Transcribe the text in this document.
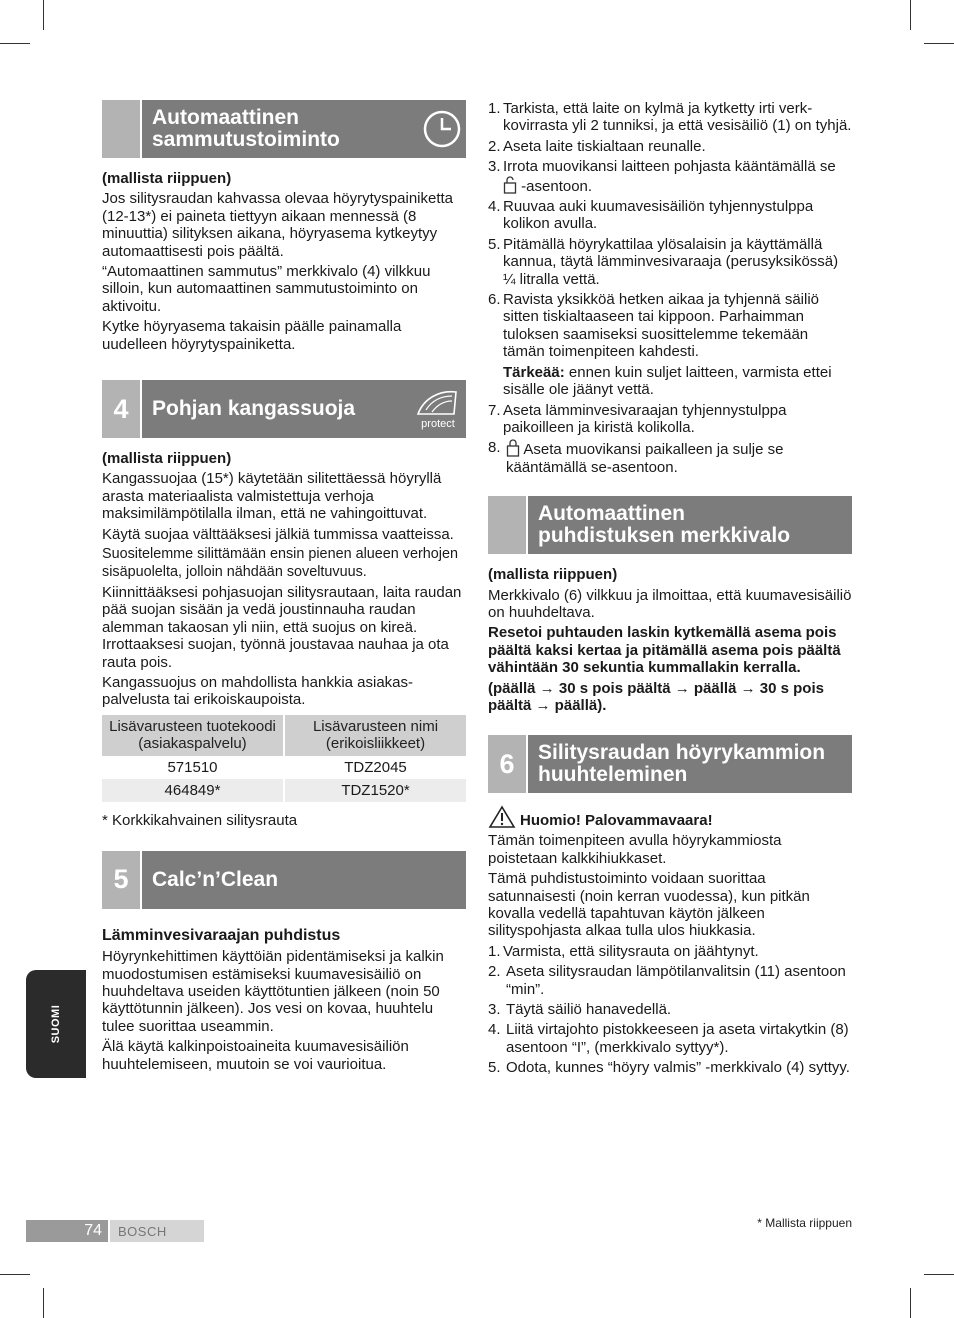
Automaattinen
sammutustoiminto

(mallista riippuen)

Jos silitysraudan kahvassa olevaa höyrytyspainiketta (12-13*) ei paineta tiettyyn aikaan mennessä (8 minuuttia) silityksen aikana, höyryasema kytkeytyy automaattisesti pois päältä.

“Automaattinen sammutus” merkkivalo (4) vilkkuu silloin, kun automaattinen sammutustoiminto on aktivoitu.

Kytke höyryasema takaisin päälle painamalla uudelleen höyrytyspainiketta.

4	Pohjan kangassuoja
protect

(mallista riippuen)

Kangassuojaa (15*) käytetään silitettäessä höyryllä arasta materiaalista valmistettuja verhoja maksimilämpötilalla ilman, että ne vahingoittuvat.

Käytä suojaa välttääksesi jälkiä tummissa vaatteissa.

Suositelemme silittämään ensin pienen alueen verhojen sisäpuolelta, jolloin nähdään soveltuvuus.

Kiinnittääksesi pohjasuojan silitysrautaan, laita raudan pää suojan sisään ja vedä joustinnauha raudan alemman takaosan yli niin, että suojus on kireä. Irrottaaksesi suojan, työnnä joustavaa nauhaa ja ota rauta pois.

Kangassuojus on mahdollista hankkia asiakas-palvelusta tai erikoiskaupoista.

Lisävarusteen tuotekoodi (asiakaspalvelu)	Lisävarusteen nimi (erikoisliikkeet)
571510	TDZ2045
464849*	TDZ1520*

* Korkkikahvainen silitysrauta

5	Calc’n’Clean

Lämminvesivaraajan puhdistus

Höyrynkehittimen käyttöiän pidentämiseksi ja kalkin muodostumisen estämiseksi kuumavesisäiliö on huuhdeltava useiden käyttötuntien jälkeen (noin 50 käyttötunnin jälkeen). Jos vesi on kovaa, huuhtelu tulee suorittaa useammin.

Älä käytä kalkinpoistoaineita kuumavesisäiliön huuhtelemiseen, muutoin se voi vaurioitua.

1. Tarkista, että laite on kylmä ja kytketty irti verk-kovirrasta yli 2 tunniksi, ja että vesisäiliö (1) on tyhjä.
2. Aseta laite tiskialtaan reunalle.
3. Irrota muovikansi laitteen pohjasta kääntämällä se  -asentoon.
4. Ruuvaa auki kuumavesisäiliön tyhjennystulppa kolikon avulla.
5. Pitämällä höyrykattilaa ylösalaisin ja käyttämällä kannua, täytä lämminvesivaraaja (perusyksikössä) ¼ litralla vettä.
6. Ravista yksikköä hetken aikaa ja tyhjennä säiliö sitten tiskialtaaseen tai kippoon. Parhaimman tuloksen saamiseksi suosittelemme tekemään tämän toimenpiteen kahdesti.
Tärkeää: ennen kuin suljet laitteen, varmista ettei sisälle ole jäänyt vettä.
7. Aseta lämminvesivaraajan tyhjennystulppa paikoilleen ja kiristä kolikolla.
8. Aseta muovikansi paikalleen ja sulje se kääntämällä se-asentoon.
Automaattinen
puhdistuksen merkkivalo

(mallista riippuen)

Merkkivalo (6) vilkkuu ja ilmoittaa, että kuumavesisäiliö on huuhdeltava.

Resetoi puhtauden laskin kytkemällä asema pois päältä kaksi kertaa ja pitämällä asema pois päältä vähintään 30 sekuntia kummallakin kerralla.

(päällä → 30 s pois päältä → päällä → 30 s pois päältä → päällä).

6	Silitysraudan höyrykammion
huuhteleminen
Huomio! Palovammavaara!

Tämän toimenpiteen avulla höyrykammiosta poistetaan kalkkihiukkaset.

Tämä puhdistustoiminto voidaan suorittaa satunnaisesti (noin kerran vuodessa), kun pitkän kovalla vedellä tapahtuvan käytön jälkeen silityspohjasta alkaa tulla ulos hiukkasia.

1. Varmista, että silitysrauta on jäähtynyt.
2. Aseta silitysraudan lämpötilanvalitsin (11) asentoon “min”.
3. Täytä säiliö hanavedellä.
4. Liitä virtajohto pistokkeeseen ja aseta virtakytkin (8) asentoon “I”, (merkkivalo syttyy*).
5. Odota, kunnes “höyry valmis” -merkkivalo (4) syttyy.
SUOMI
74	BOSCH
* Mallista riippuen
